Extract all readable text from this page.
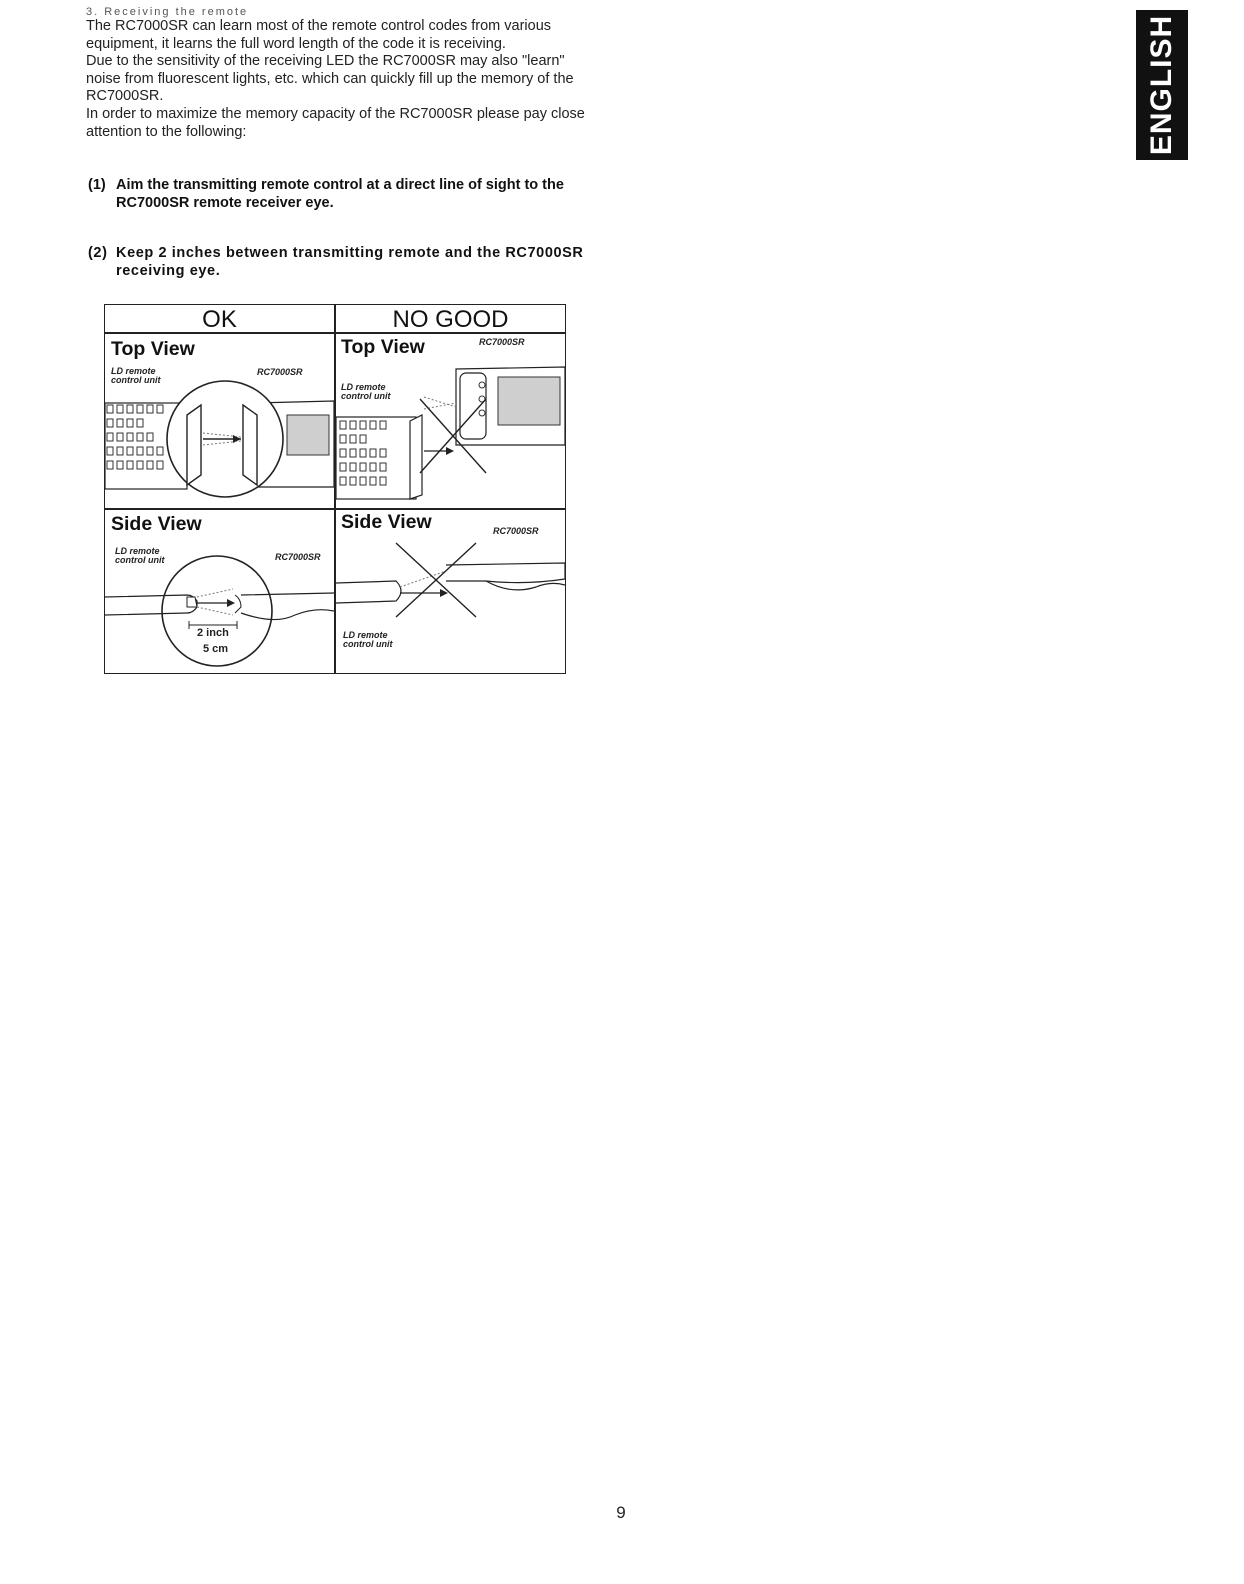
3. Receiving the remote

The RC7000SR can learn most of the remote control codes from various equipment, it learns the full word length of the code it is receiving.

Due to the sensitivity of the receiving LED the RC7000SR may also "learn" noise from fluorescent lights, etc. which can quickly fill up the memory of the RC7000SR.

In order to maximize the memory capacity of the RC7000SR please pay close attention to the following:

(1) Aim the transmitting remote control at a direct line of sight to the RC7000SR remote receiver eye.
(2) Keep 2 inches between transmitting remote and the RC7000SR receiving eye.
ENGLISH
OK	NO GOOD
Top View
LD remote
control unit
RC7000SR
Top View	RC7000SR
LD remote
control unit
Side View
LD remote
control unit	RC7000SR
2 inch
5 cm
Side View	RC7000SR
LD remote
control unit
9
